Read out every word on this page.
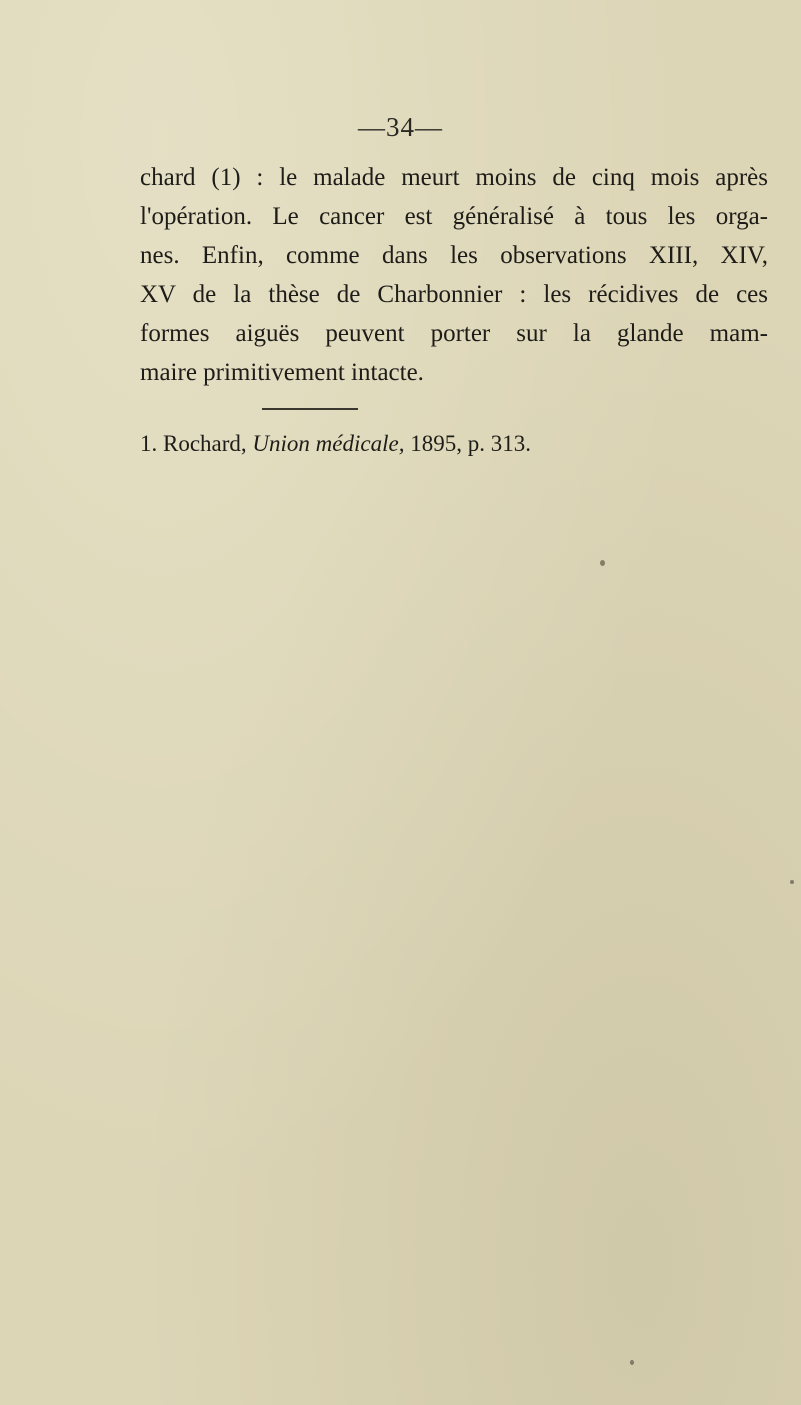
—34—
chard (1) : le malade meurt moins de cinq mois après
l'opération. Le cancer est généralisé à tous les orga-
nes. Enfin, comme dans les observations XIII, XIV,
XV de la thèse de Charbonnier : les récidives de ces
formes aiguës peuvent porter sur la glande mam-
maire primitivement intacte.
1. Rochard, Union médicale, 1895, p. 313.
